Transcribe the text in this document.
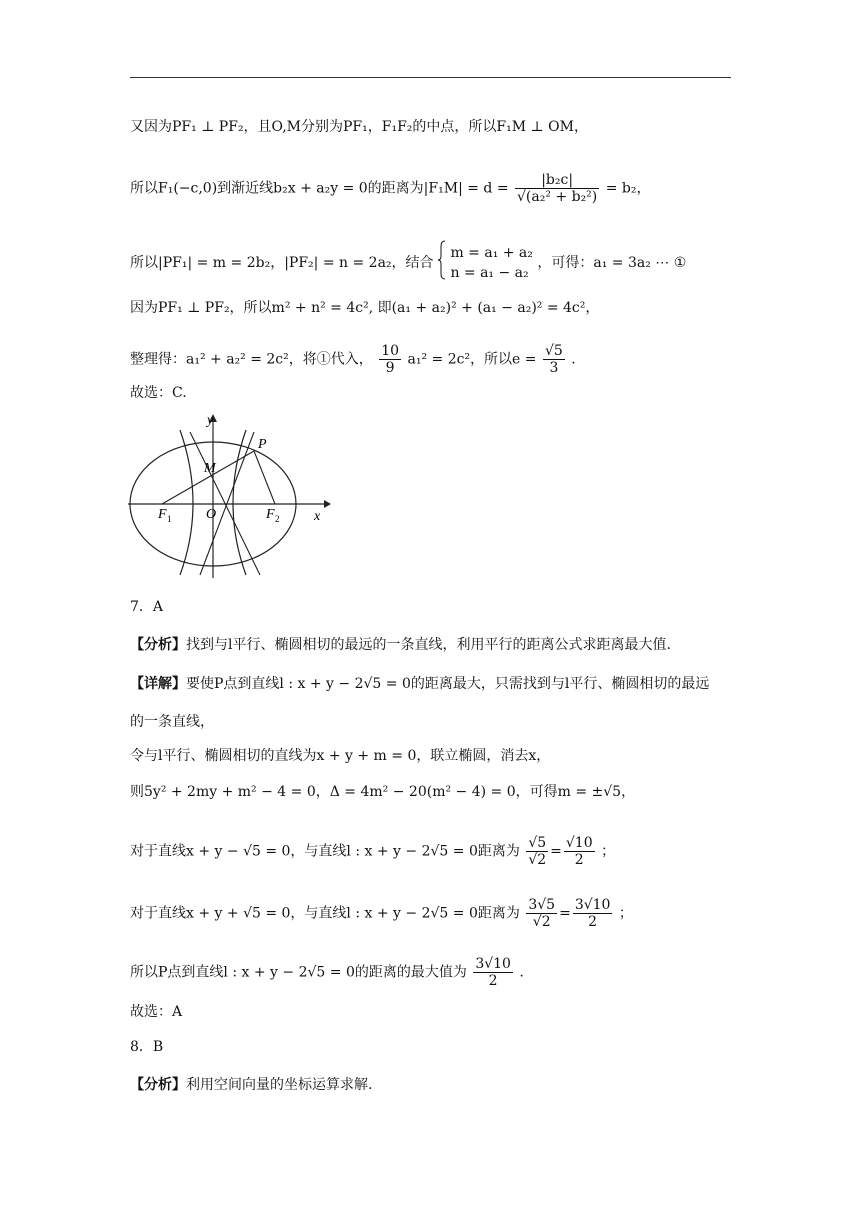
又因为PF₁ ⊥ PF₂，且O,M分别为PF₁，F₁F₂的中点，所以F₁M ⊥ OM，
所以F₁(−c,0)到渐近线b₂x + a₂y = 0的距离为$|F_1M| = d = \frac{\text{|b₂c|}}{\text{√(a₂² + b₂²)}} = b_2$，
所以|PF₁| = m = 2b₂，|PF₂| = n = 2a₂，结合
m = a₁ + a₂
n = a₁ − a₂
，可得：a₁ = 3a₂ ⋯ ①
因为PF₁ ⊥ PF₂，所以m² + n² = 4c², 即(a₁ + a₂)² + (a₁ − a₂)² = 4c²，
整理得：a₁² + a₂² = 2c²，将①代入， $\frac{10}{9} a_1^2 = 2c^2$，所以$e = \frac{√5}{3}$ .
故选：C.
y
x
P
M
O
F 1	F 2
7．A
【分析】找到与l平行、椭圆相切的最远的一条直线，利用平行的距离公式求距离最大值.
【详解】要使P点到直线l : x + y − 2√5 = 0的距离最大，只需找到与l平行、椭圆相切的最远
的一条直线，
令与l平行、椭圆相切的直线为x + y + m = 0，联立椭圆，消去x，
则5y² + 2my + m² − 4 = 0，Δ = 4m² − 20(m² − 4) = 0，可得m = ±√5，
对于直线x + y − √5 = 0，与直线l : x + y − 2√5 = 0距离为 $\frac{√5}{√2} = \frac{√10}{2}$ ；
对于直线x + y + √5 = 0，与直线l : x + y − 2√5 = 0距离为 $\frac{3√5}{√2} = \frac{3√10}{2}$ ；
所以P点到直线l : x + y − 2√5 = 0的距离的最大值为 $\frac{3√10}{2}$ .
故选：A
8．B
【分析】利用空间向量的坐标运算求解.
